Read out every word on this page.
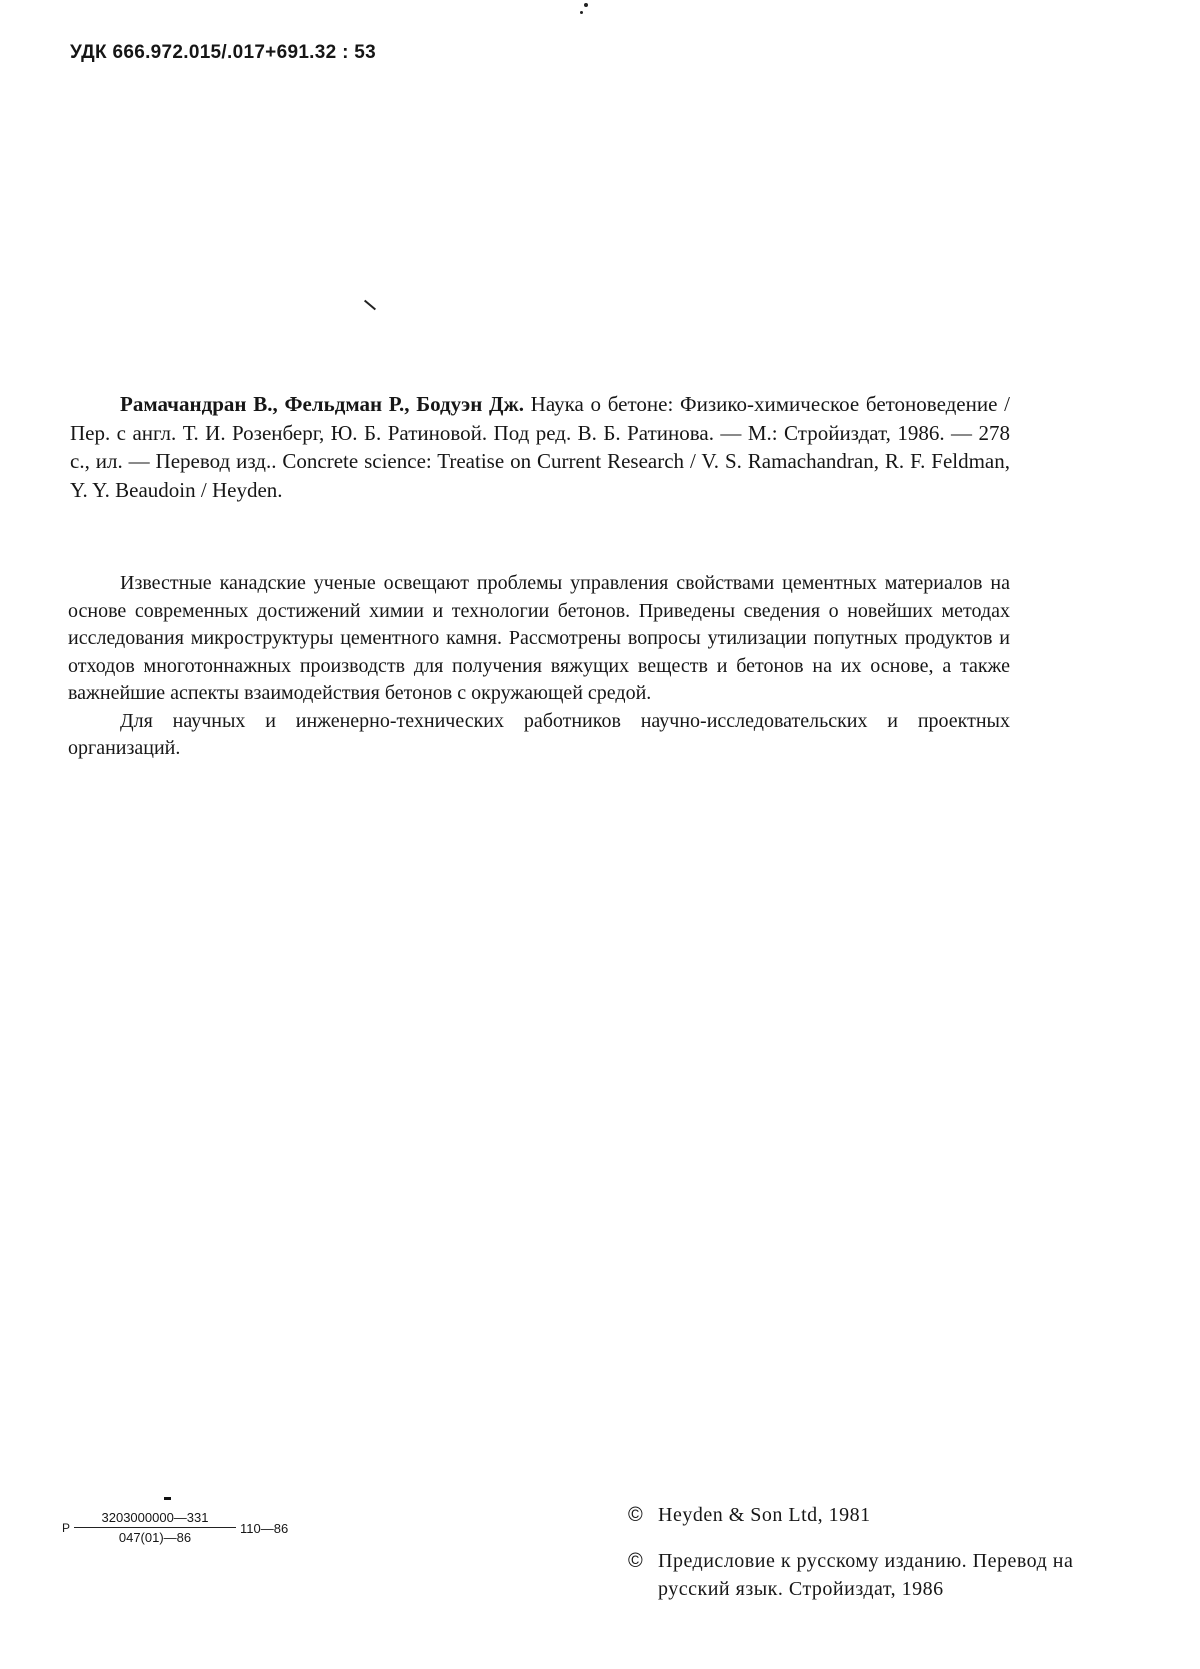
УДК 666.972.015/.017+691.32 : 53

Рамачандран В., Фельдман Р., Бодуэн Дж. Наука о бетоне: Физико-химическое бетоноведение / Пер. с англ. Т. И. Розенберг, Ю. Б. Ратиновой. Под ред. В. Б. Ратинова. — М.: Стройиздат, 1986. — 278 с., ил. — Перевод изд.. Concrete science: Treatise on Current Research / V. S. Ramachandran, R. F. Feldman, Y. Y. Beaudoin / Heyden.

Известные канадские ученые освещают проблемы управления свойствами цементных материалов на основе современных достижений химии и технологии бетонов. Приведены сведения о новейших методах исследования микроструктуры цементного камня. Рассмотрены вопросы утилизации попутных продуктов и отходов многотоннажных производств для получения вяжущих веществ и бетонов на их основе, а также важнейшие аспекты взаимодействия бетонов с окружающей средой.

Для научных и инженерно-технических работников научно-исследовательских и проектных организаций.

Р $\frac{3203000000—331}{047(01)—86}$ 110—86
© Heyden & Son Ltd, 1981
© Предисловие к русскому изданию. Перевод на русский язык. Стройиздат, 1986
